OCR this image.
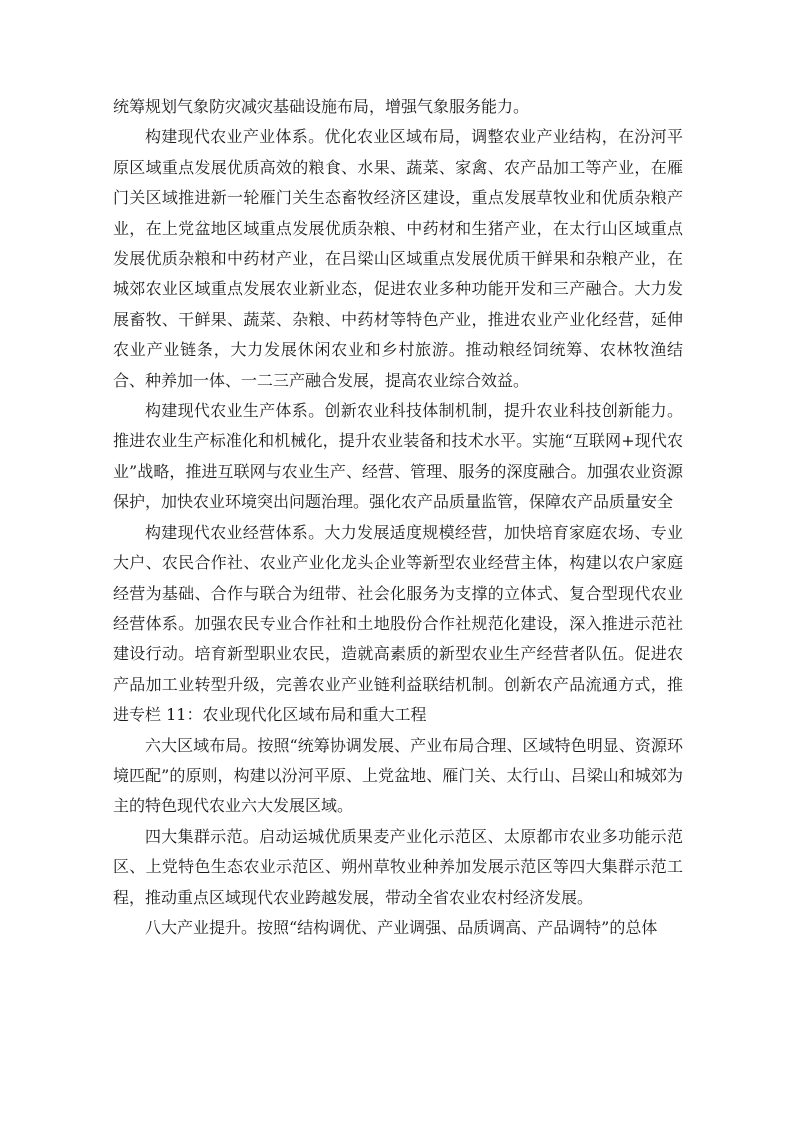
统筹规划气象防灾减灾基础设施布局，增强气象服务能力。

构建现代农业产业体系。优化农业区域布局，调整农业产业结构，在汾河平原区域重点发展优质高效的粮食、水果、蔬菜、家禽、农产品加工等产业，在雁门关区域推进新一轮雁门关生态畜牧经济区建设，重点发展草牧业和优质杂粮产业，在上党盆地区域重点发展优质杂粮、中药材和生猪产业，在太行山区域重点发展优质杂粮和中药材产业，在吕梁山区域重点发展优质干鲜果和杂粮产业，在城郊农业区域重点发展农业新业态，促进农业多种功能开发和三产融合。大力发展畜牧、干鲜果、蔬菜、杂粮、中药材等特色产业，推进农业产业化经营，延伸农业产业链条，大力发展休闲农业和乡村旅游。推动粮经饲统筹、农林牧渔结合、种养加一体、一二三产融合发展，提高农业综合效益。

构建现代农业生产体系。创新农业科技体制机制，提升农业科技创新能力。推进农业生产标准化和机械化，提升农业装备和技术水平。实施“互联网+现代农业”战略，推进互联网与农业生产、经营、管理、服务的深度融合。加强农业资源保护，加快农业环境突出问题治理。强化农产品质量监管，保障农产品质量安全

构建现代农业经营体系。大力发展适度规模经营，加快培育家庭农场、专业大户、农民合作社、农业产业化龙头企业等新型农业经营主体，构建以农户家庭经营为基础、合作与联合为纽带、社会化服务为支撑的立体式、复合型现代农业经营体系。加强农民专业合作社和土地股份合作社规范化建设，深入推进示范社建设行动。培育新型职业农民，造就高素质的新型农业生产经营者队伍。促进农产品加工业转型升级，完善农业产业链利益联结机制。创新农产品流通方式，推进专栏 11：农业现代化区域布局和重大工程

六大区域布局。按照“统筹协调发展、产业布局合理、区域特色明显、资源环境匹配”的原则，构建以汾河平原、上党盆地、雁门关、太行山、吕梁山和城郊为主的特色现代农业六大发展区域。

四大集群示范。启动运城优质果麦产业化示范区、太原都市农业多功能示范区、上党特色生态农业示范区、朔州草牧业种养加发展示范区等四大集群示范工程，推动重点区域现代农业跨越发展，带动全省农业农村经济发展。

八大产业提升。按照“结构调优、产业调强、品质调高、产品调特”的总体
